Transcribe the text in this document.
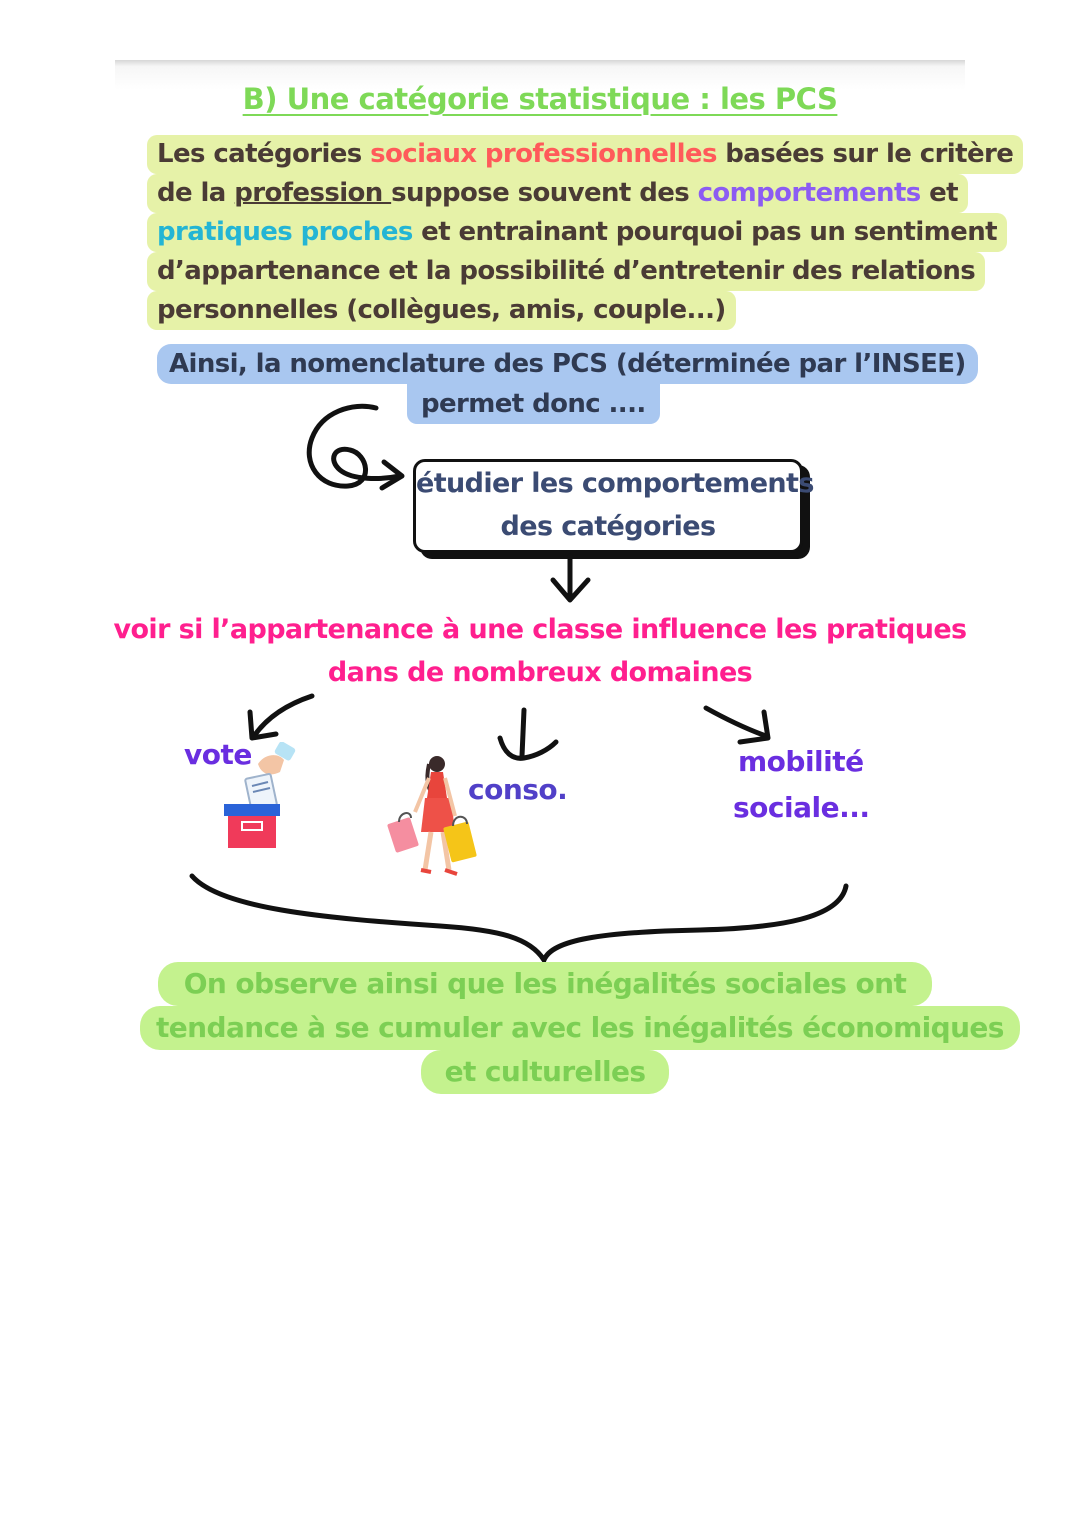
B) Une catégorie statistique : les PCS
Les catégories sociaux professionnelles basées sur le critère
de la profession suppose souvent des comportements et
pratiques proches et entrainant pourquoi pas un sentiment
d’appartenance et la possibilité d’entretenir des relations
personnelles (collègues, amis, couple...)
Ainsi, la nomenclature des PCS (déterminée par l’INSEE)
permet donc ....
étudier les comportements
des catégories
voir si l’appartenance à une classe influence les pratiques
dans de nombreux domaines
vote
conso.
mobilité
sociale...
On observe ainsi que les inégalités sociales ont
tendance à se cumuler avec les inégalités économiques
et culturelles
